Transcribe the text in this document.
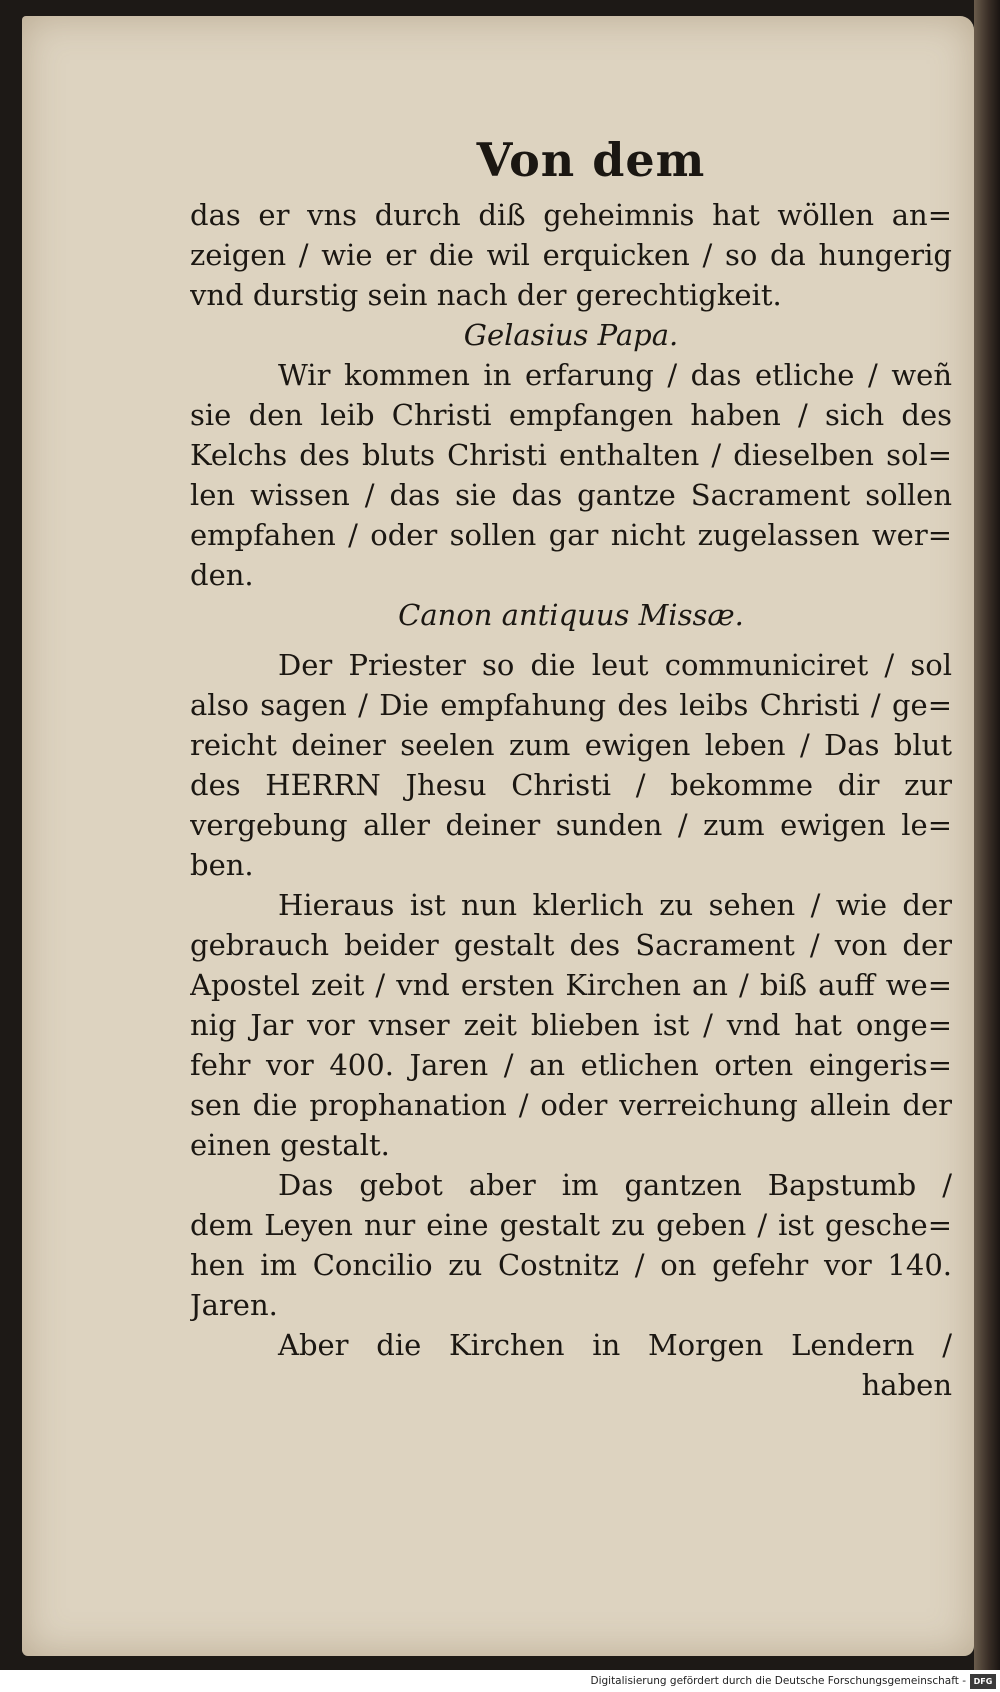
Von dem
das er vns durch diß geheimnis hat wöllen an=
zeigen / wie er die wil erquicken / so da hungerig
vnd durstig sein nach der gerechtigkeit.
Gelasius Papa.
Wir kommen in erfarung / das etliche / weñ
sie den leib Christi empfangen haben / sich des
Kelchs des bluts Christi enthalten / dieselben sol=
len wissen / das sie das gantze Sacrament sollen
empfahen / oder sollen gar nicht zugelassen wer=
den.
Canon antiquus Missæ.
Der Priester so die leut communiciret / sol
also sagen / Die empfahung des leibs Christi / ge=
reicht deiner seelen zum ewigen leben / Das blut
des HERRN Jhesu Christi / bekomme dir zur
vergebung aller deiner sunden / zum ewigen le=
ben.
Hieraus ist nun klerlich zu sehen / wie der
gebrauch beider gestalt des Sacrament / von der
Apostel zeit / vnd ersten Kirchen an / biß auff we=
nig Jar vor vnser zeit blieben ist / vnd hat onge=
fehr vor 400. Jaren / an etlichen orten eingeris=
sen die prophanation / oder verreichung allein der
einen gestalt.
Das gebot aber im gantzen Bapstumb /
dem Leyen nur eine gestalt zu geben / ist gesche=
hen im Concilio zu Costnitz / on gefehr vor 140.
Jaren.
Aber die Kirchen in Morgen Lendern /
haben
Digitalisierung gefördert durch die Deutsche Forschungsgemeinschaft - DFG
